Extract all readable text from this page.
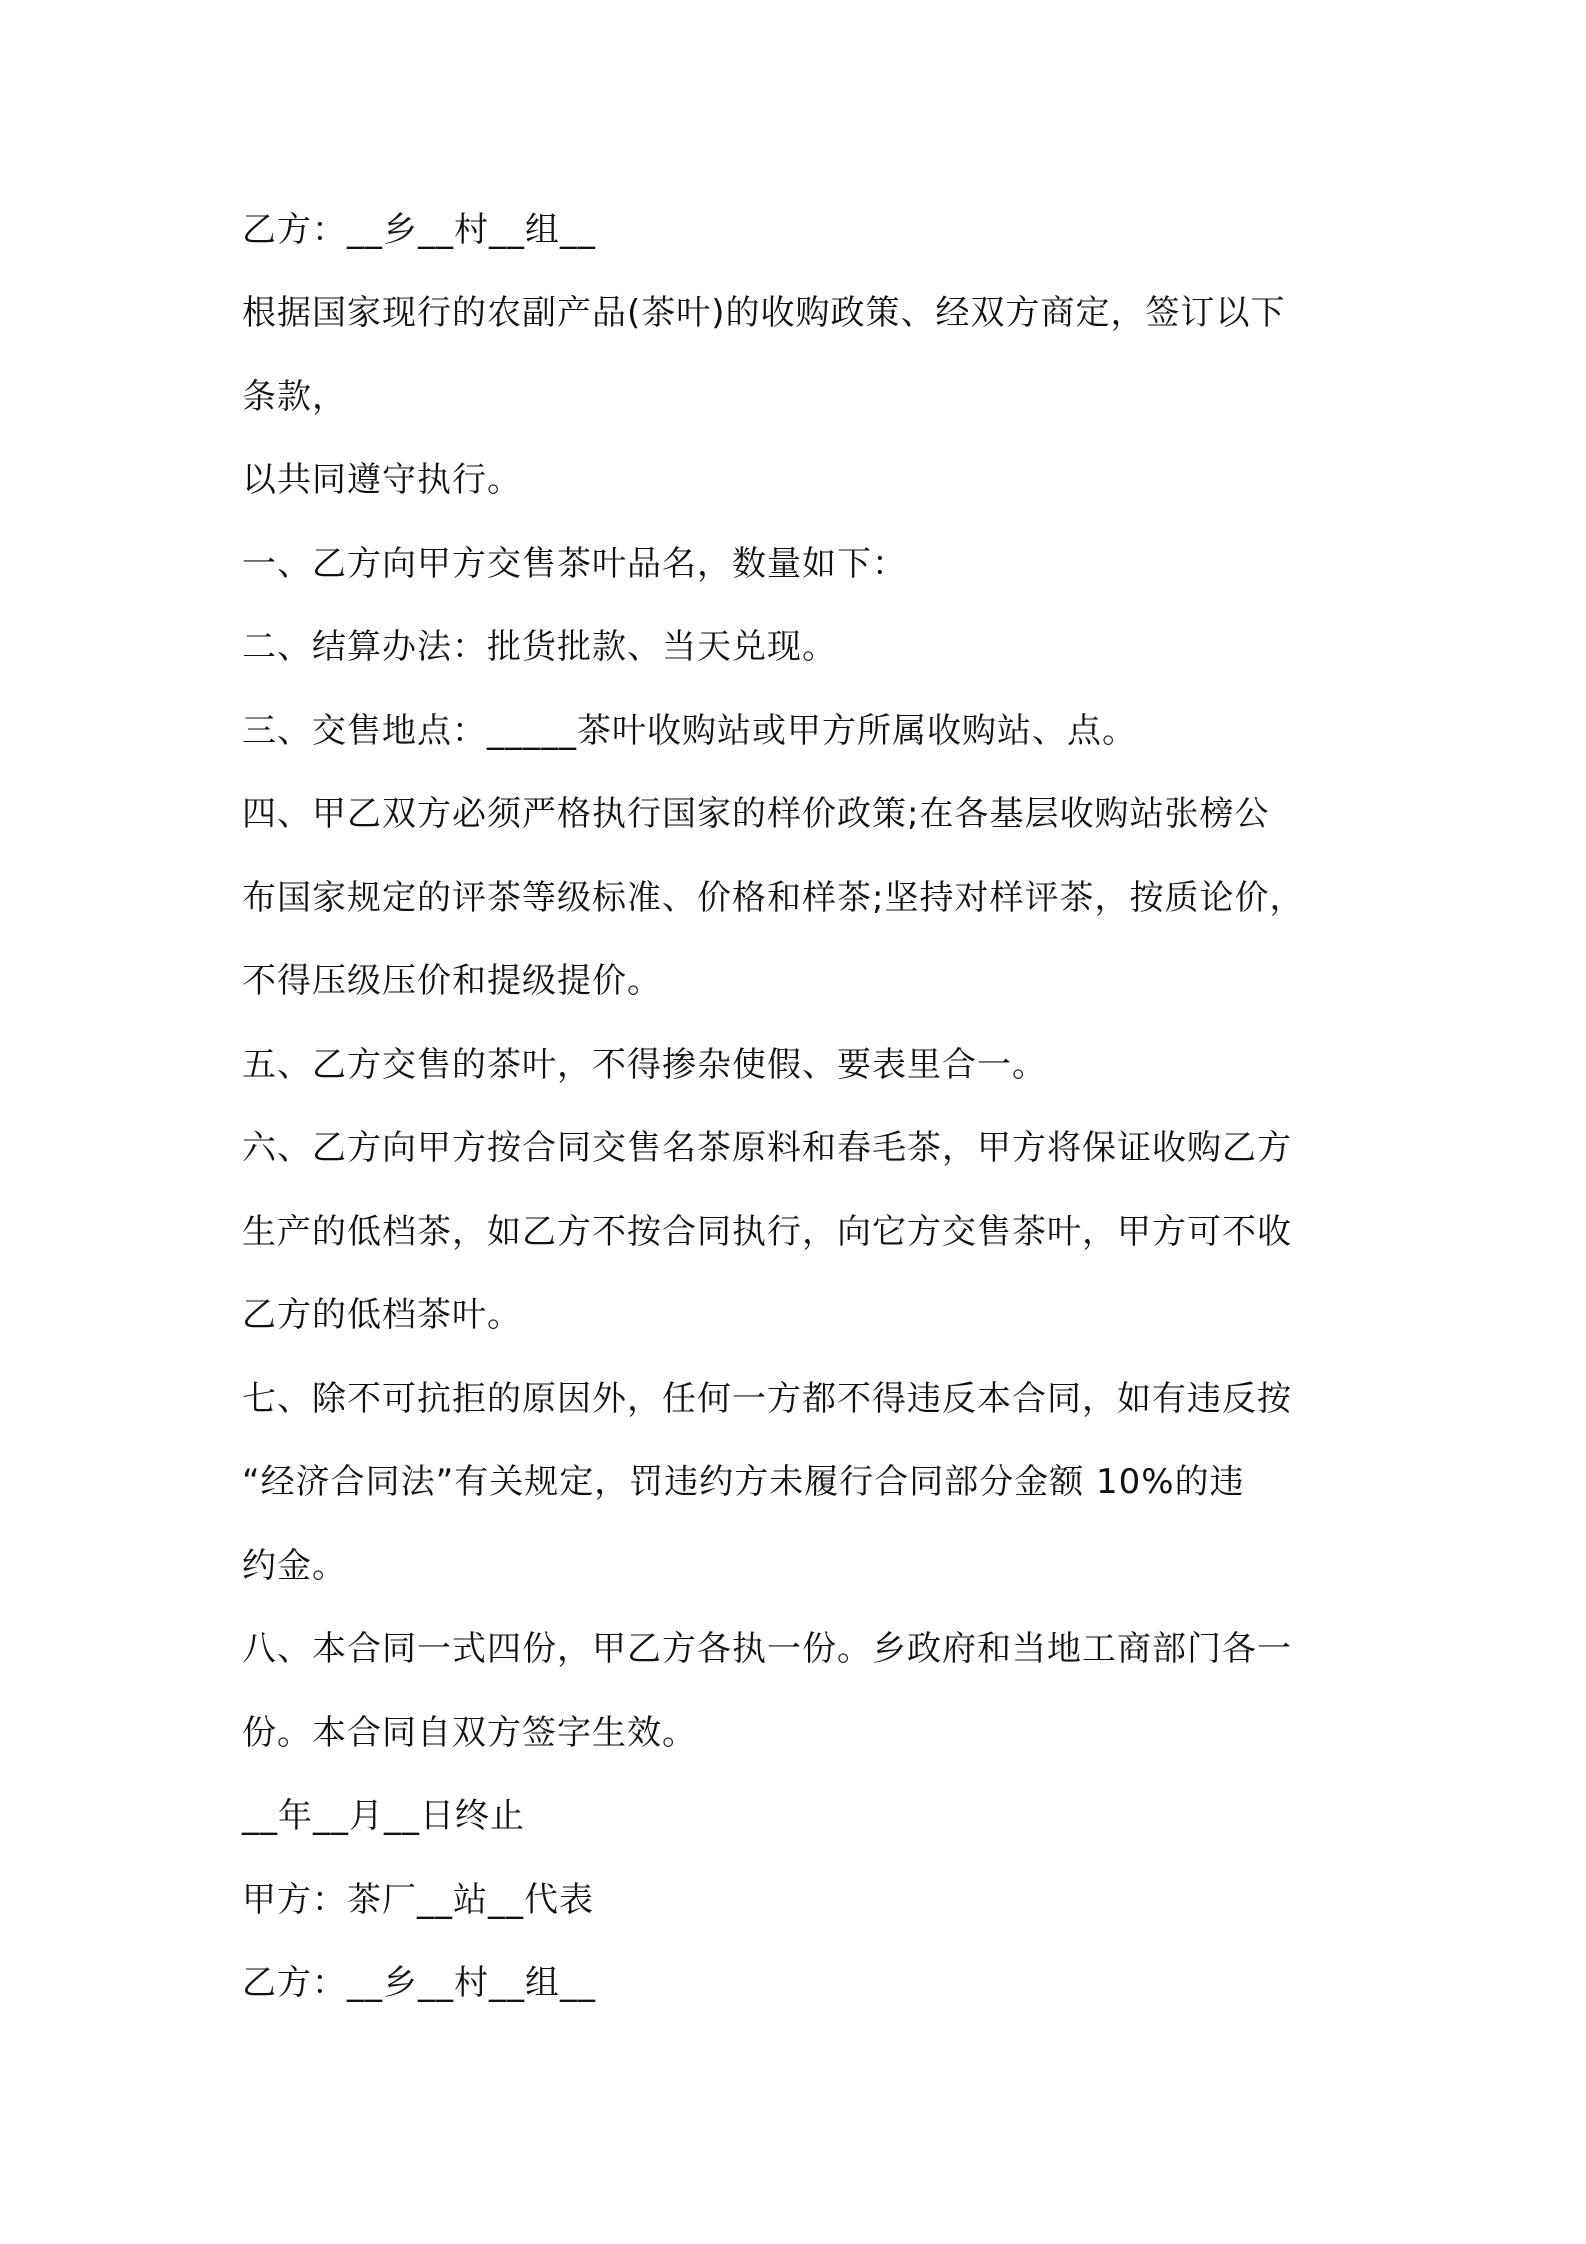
乙方：__乡__村__组__
根据国家现行的农副产品(茶叶)的收购政策、经双方商定，签订以下
条款，
以共同遵守执行。
一、乙方向甲方交售茶叶品名，数量如下：
二、结算办法：批货批款、当天兑现。
三、交售地点：_____茶叶收购站或甲方所属收购站、点。
四、甲乙双方必须严格执行国家的样价政策;在各基层收购站张榜公
布国家规定的评茶等级标准、价格和样茶;坚持对样评茶，按质论价，
不得压级压价和提级提价。
五、乙方交售的茶叶，不得掺杂使假、要表里合一。
六、乙方向甲方按合同交售名茶原料和春毛茶，甲方将保证收购乙方
生产的低档茶，如乙方不按合同执行，向它方交售茶叶，甲方可不收
乙方的低档茶叶。
七、除不可抗拒的原因外，任何一方都不得违反本合同，如有违反按
“经济合同法”有关规定，罚违约方未履行合同部分金额 10%的违
约金。
八、本合同一式四份，甲乙方各执一份。乡政府和当地工商部门各一
份。本合同自双方签字生效。
__年__月__日终止
甲方：茶厂__站__代表
乙方：__乡__村__组__
